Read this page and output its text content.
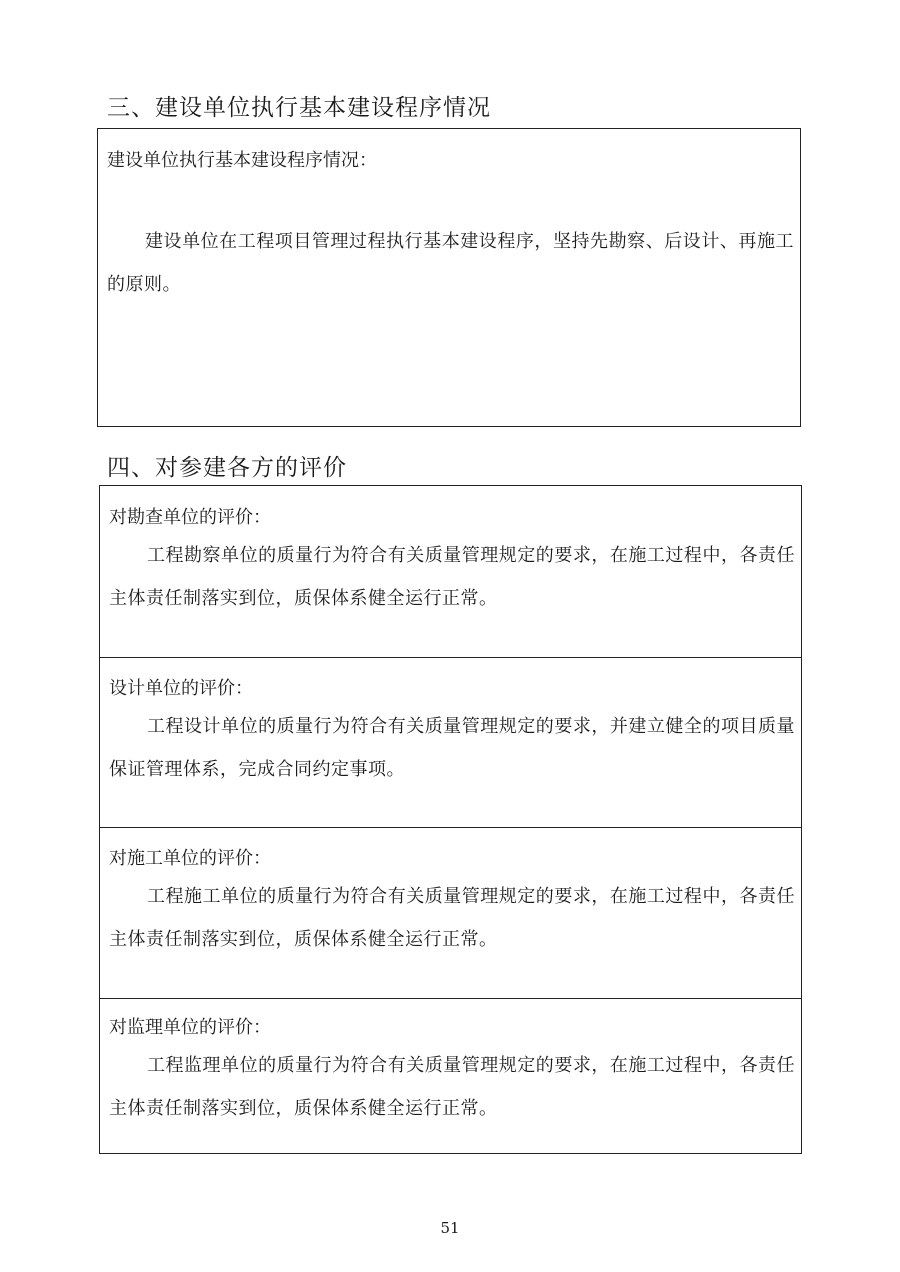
三、建设单位执行基本建设程序情况
建设单位执行基本建设程序情况：
建设单位在工程项目管理过程执行基本建设程序，坚持先勘察、后设计、再施工的原则。
四、对参建各方的评价
对勘查单位的评价：
工程勘察单位的质量行为符合有关质量管理规定的要求，在施工过程中，各责任主体责任制落实到位，质保体系健全运行正常。
设计单位的评价：
工程设计单位的质量行为符合有关质量管理规定的要求，并建立健全的项目质量保证管理体系，完成合同约定事项。
对施工单位的评价：
工程施工单位的质量行为符合有关质量管理规定的要求，在施工过程中，各责任主体责任制落实到位，质保体系健全运行正常。
对监理单位的评价：
工程监理单位的质量行为符合有关质量管理规定的要求，在施工过程中，各责任主体责任制落实到位，质保体系健全运行正常。
51
